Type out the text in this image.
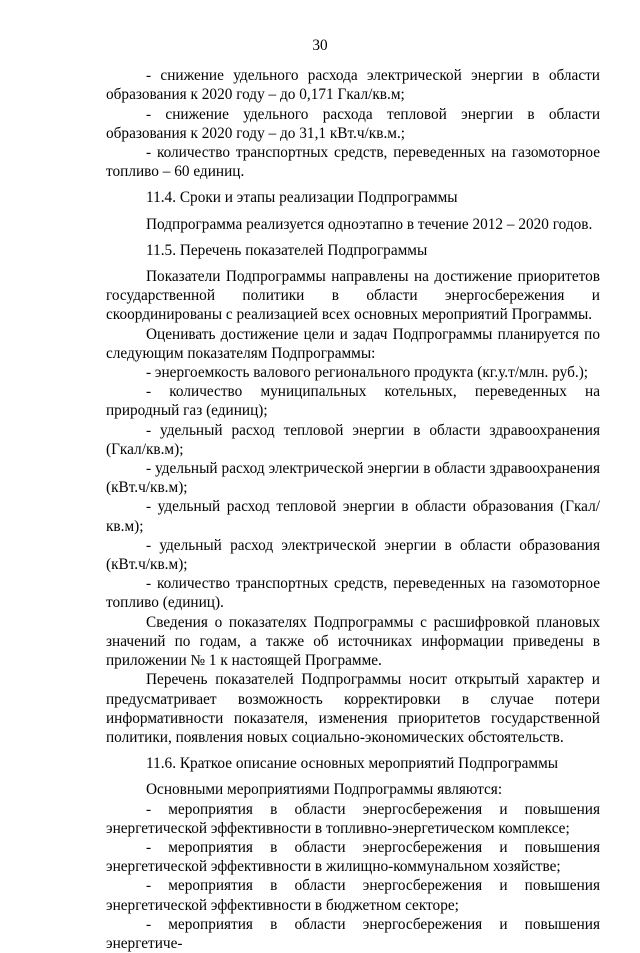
30

- снижение удельного расхода электрической энергии в области образования к 2020 году – до 0,171 Гкал/кв.м;

- снижение удельного расхода тепловой энергии в области образования к 2020 году – до 31,1 кВт.ч/кв.м.;

- количество транспортных средств, переведенных на газомоторное топливо – 60 единиц.

11.4. Сроки и этапы реализации Подпрограммы

Подпрограмма реализуется одноэтапно в течение 2012 – 2020 годов.

11.5. Перечень показателей Подпрограммы

Показатели Подпрограммы направлены на достижение приоритетов государственной политики в области энергосбережения и скоординированы с реализацией всех основных мероприятий Программы.

Оценивать достижение цели и задач Подпрограммы планируется по следующим показателям Подпрограммы:

- энергоемкость валового регионального продукта (кг.у.т/млн. руб.);

- количество муниципальных котельных, переведенных на природный газ (единиц);

- удельный расход тепловой энергии в области здравоохранения (Гкал/кв.м);

- удельный расход электрической энергии в области здравоохранения (кВт.ч/кв.м);

- удельный расход тепловой энергии в области образования (Гкал/кв.м);

- удельный расход электрической энергии в области образования (кВт.ч/кв.м);

- количество транспортных средств, переведенных на газомоторное топливо (единиц).

Сведения о показателях Подпрограммы с расшифровкой плановых значений по годам, а также об источниках информации приведены в приложении № 1 к настоящей Программе.

Перечень показателей Подпрограммы носит открытый характер и предусматривает возможность корректировки в случае потери информативности показателя, изменения приоритетов государственной политики, появления новых социально-экономических обстоятельств.

11.6. Краткое описание основных мероприятий Подпрограммы

Основными мероприятиями Подпрограммы являются:

- мероприятия в области энергосбережения и повышения энергетической эффективности в топливно-энергетическом комплексе;

- мероприятия в области энергосбережения и повышения энергетической эффективности в жилищно-коммунальном хозяйстве;

- мероприятия в области энергосбережения и повышения энергетической эффективности в бюджетном секторе;

- мероприятия в области энергосбережения и повышения энергетиче-
